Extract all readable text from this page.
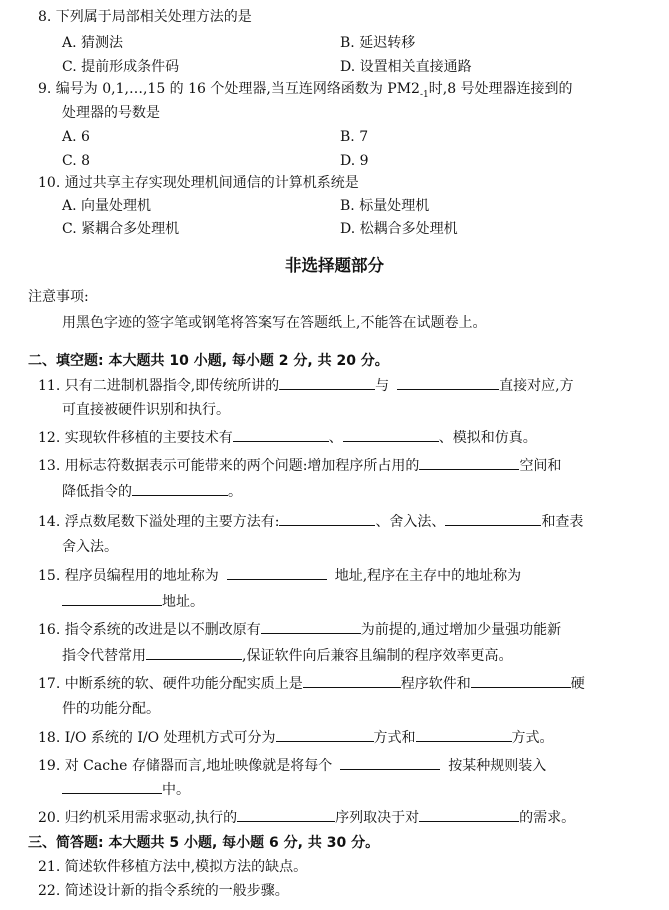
8. 下列属于局部相关处理方法的是
A. 猜测法	B. 延迟转移
C. 提前形成条件码	D. 设置相关直接通路
9. 编号为 0,1,…,15 的 16 个处理器,当互连网络函数为 $PM2_{-1}$时,8 号处理器连接到的
处理器的号数是
A. 6	B. 7
C. 8	D. 9
10. 通过共享主存实现处理机间通信的计算机系统是
A. 向量处理机	B. 标量处理机
C. 紧耦合多处理机	D. 松耦合多处理机
非选择题部分
注意事项:
用黑色字迹的签字笔或钢笔将答案写在答题纸上,不能答在试题卷上。
二、填空题: 本大题共 10 小题, 每小题 2 分, 共 20 分。
11. 只有二进制机器指令,即传统所讲的	与	直接对应,方
可直接被硬件识别和执行。
12. 实现软件移植的主要技术有	、	、模拟和仿真。
13. 用标志符数据表示可能带来的两个问题:增加程序所占用的	空间和
降低指令的	。
14. 浮点数尾数下溢处理的主要方法有:	、舍入法、	和查表
舍入法。
15. 程序员编程用的地址称为	地址,程序在主存中的地址称为
地址。
16. 指令系统的改进是以不删改原有	为前提的,通过增加少量强功能新
指令代替常用	,保证软件向后兼容且编制的程序效率更高。
17. 中断系统的软、硬件功能分配实质上是	程序软件和	硬
件的功能分配。
18. I/O 系统的 I/O 处理机方式可分为	方式和	方式。
19. 对 Cache 存储器而言,地址映像就是将每个	按某种规则装入
中。
20. 归约机采用需求驱动,执行的	序列取决于对	的需求。
三、简答题: 本大题共 5 小题, 每小题 6 分, 共 30 分。
21. 简述软件移植方法中,模拟方法的缺点。
22. 简述设计新的指令系统的一般步骤。
